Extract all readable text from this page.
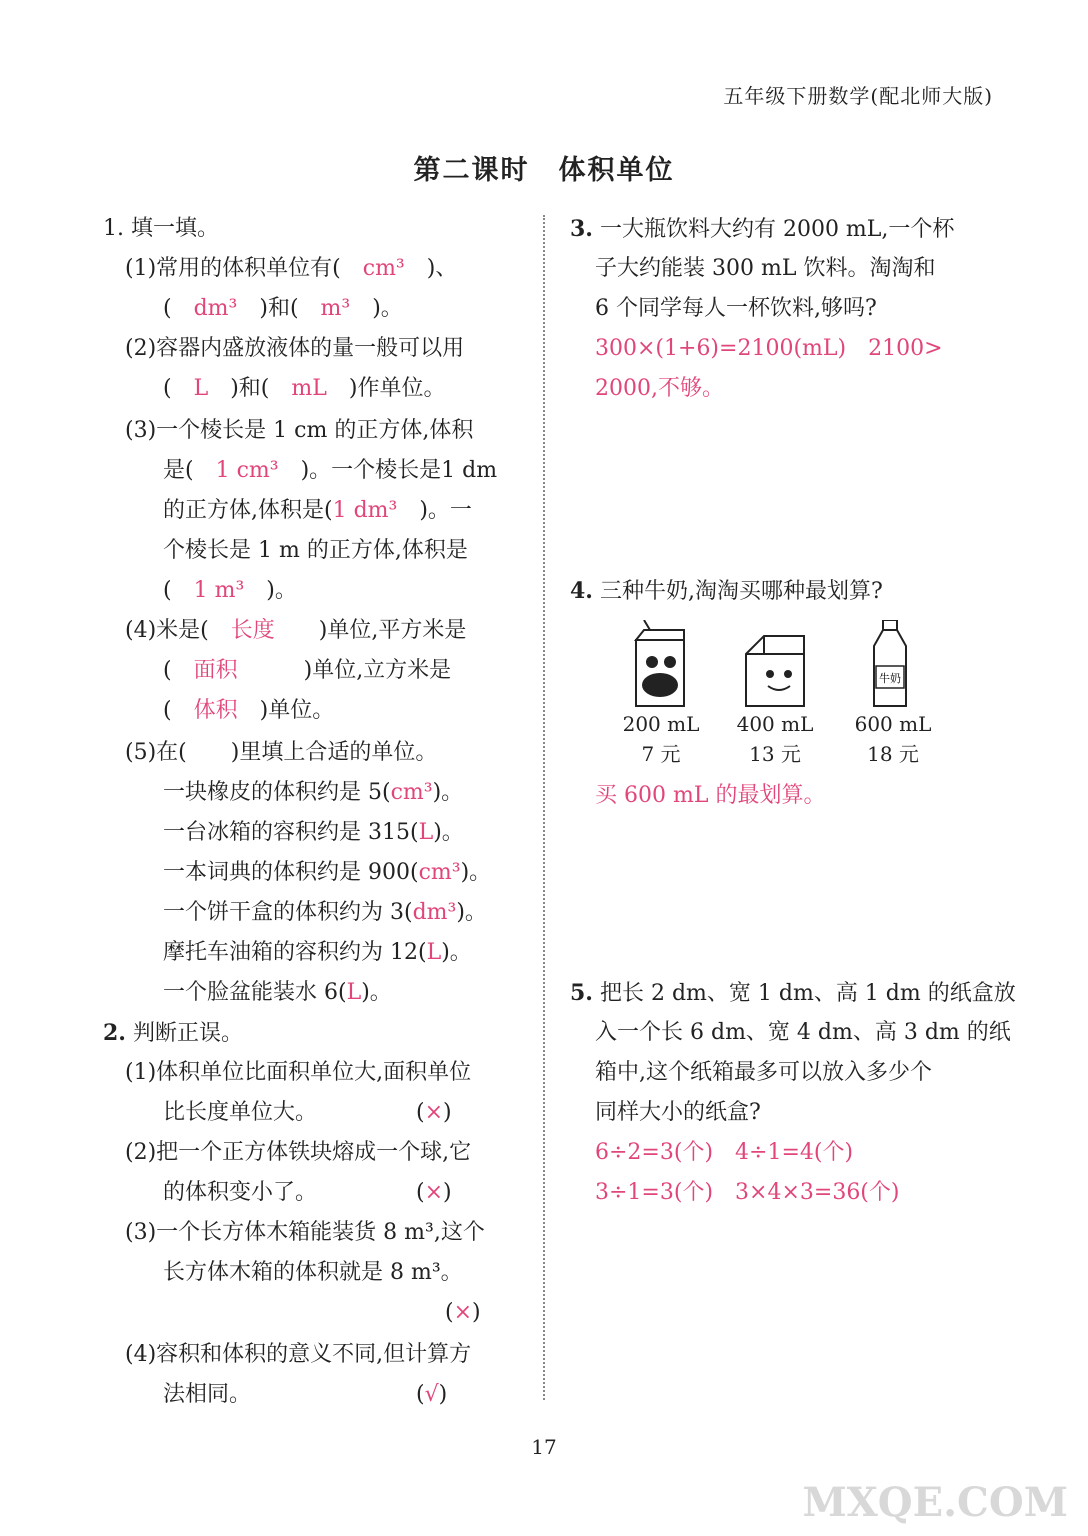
五年级下册数学(配北师大版)
第二课时　体积单位
1. 填一填。
(1)常用的体积单位有(　cm³　)、
(　dm³　)和(　m³　)。
(2)容器内盛放液体的量一般可以用
(　L　)和(　mL　)作单位。
(3)一个棱长是 1 cm 的正方体,体积
是(　1 cm³　)。一个棱长是1 dm
的正方体,体积是(1 dm³　)。一
个棱长是 1 m 的正方体,体积是
(　1 m³　)。
(4)米是(　长度　　)单位,平方米是
(　面积　　　)单位,立方米是
(　体积　)单位。
(5)在(　　)里填上合适的单位。
一块橡皮的体积约是 5(cm³)。
一台冰箱的容积约是 315(L)。
一本词典的体积约是 900(cm³)。
一个饼干盒的体积约为 3(dm³)。
摩托车油箱的容积约为 12(L)。
一个脸盆能装水 6(L)。
2. 判断正误。
(1)体积单位比面积单位大,面积单位
比长度单位大。　　　　　(×)
(2)把一个正方体铁块熔成一个球,它
的体积变小了。　　　　　(×)
(3)一个长方体木箱能装货 8 m³,这个
长方体木箱的体积就是 8 m³。
(×)
(4)容积和体积的意义不同,但计算方
法相同。　　　　　　　　(√)
3. 一大瓶饮料大约有 2000 mL,一个杯
子大约能装 300 mL 饮料。淘淘和
6 个同学每人一杯饮料,够吗?
300×(1+6)=2100(mL)　2100>
2000,不够。
4. 三种牛奶,淘淘买哪种最划算?
买 600 mL 的最划算。
5. 把长 2 dm、宽 1 dm、高 1 dm 的纸盒放
入一个长 6 dm、宽 4 dm、高 3 dm 的纸
箱中,这个纸箱最多可以放入多少个
同样大小的纸盒?
6÷2=3(个)　4÷1=4(个)
3÷1=3(个)　3×4×3=36(个)
牛奶
200 mL
7 元
400 mL
13 元
600 mL
18 元
17
MXQE.COM
